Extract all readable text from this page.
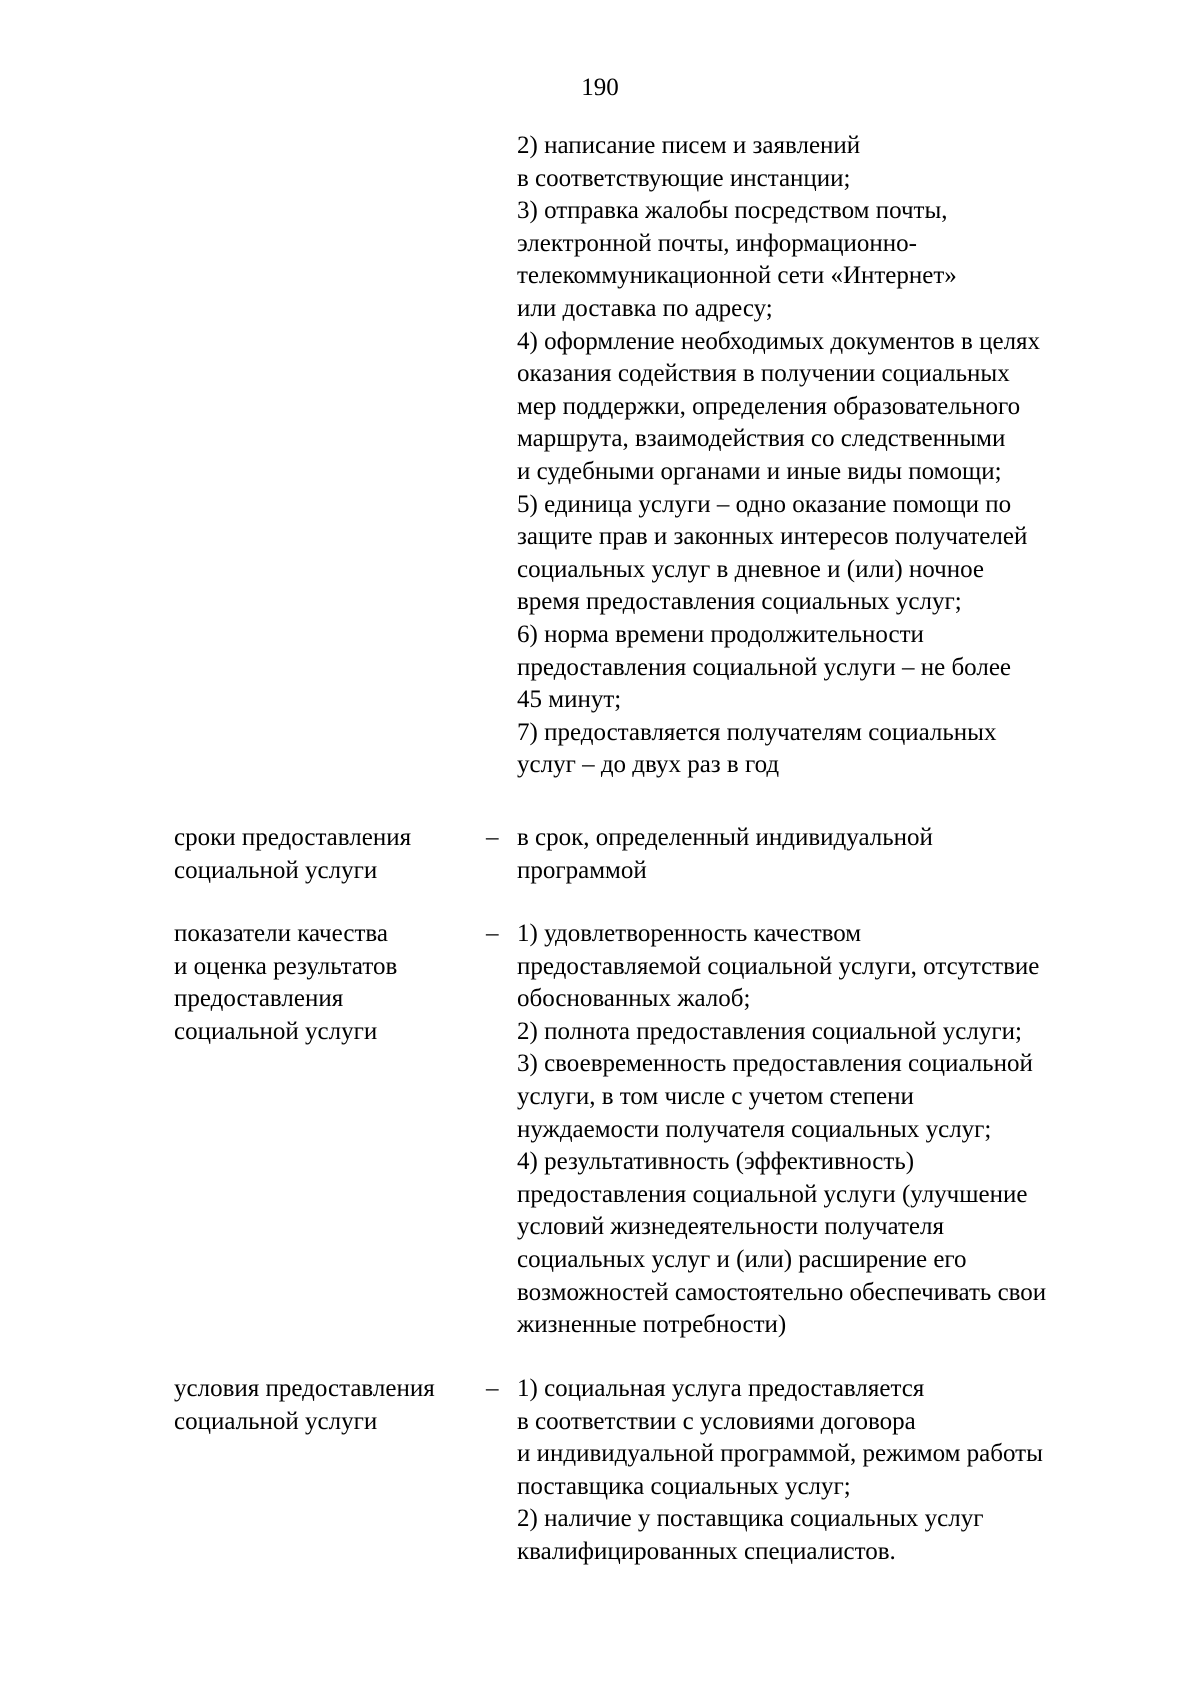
190
2) написание писем и заявлений
в соответствующие инстанции;
3) отправка жалобы посредством почты,
электронной почты, информационно-
телекоммуникационной сети «Интернет»
или доставка по адресу;
4) оформление необходимых документов в целях
оказания содействия в получении социальных
мер поддержки, определения образовательного
маршрута, взаимодействия со следственными
и судебными органами и иные виды помощи;
5) единица услуги – одно оказание помощи по
защите прав и законных интересов получателей
социальных услуг в дневное и (или) ночное
время предоставления социальных услуг;
6) норма времени продолжительности
предоставления социальной услуги – не более
45 минут;
7) предоставляется получателям социальных
услуг – до двух раз в год
сроки предоставления
социальной услуги
– в срок, определенный индивидуальной
программой
показатели качества
и оценка результатов
предоставления
социальной услуги
– 1) удовлетворенность качеством
предоставляемой социальной услуги, отсутствие
обоснованных жалоб;
2) полнота предоставления социальной услуги;
3) своевременность предоставления социальной
услуги, в том числе с учетом степени
нуждаемости получателя социальных услуг;
4) результативность (эффективность)
предоставления социальной услуги (улучшение
условий жизнедеятельности получателя
социальных услуг и (или) расширение его
возможностей самостоятельно обеспечивать свои
жизненные потребности)
условия предоставления
социальной услуги
– 1) социальная услуга предоставляется
в соответствии с условиями договора
и индивидуальной программой, режимом работы
поставщика социальных услуг;
2) наличие у поставщика социальных услуг
квалифицированных специалистов.
